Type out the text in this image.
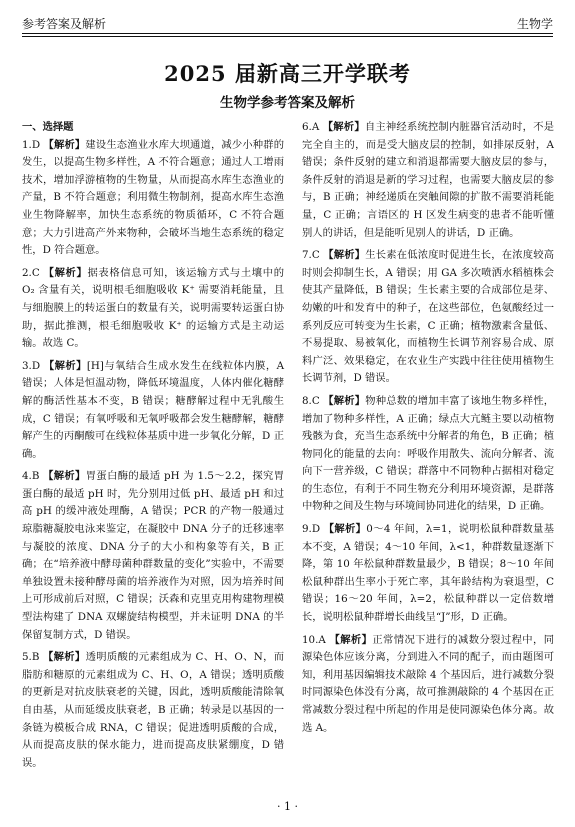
参考答案及解析	生物学
2025 届新高三开学联考
生物学参考答案及解析
一、选择题
1.D 【解析】建设生态渔业水库大坝通道，减少小种群的发生，以提高生物多样性，A 不符合题意；通过人工增雨技术，增加浮游植物的生物量，从而提高水库生态渔业的产量，B 不符合题意；利用微生物制剂，提高水库生态渔业生物降解率，加快生态系统的物质循环，C 不符合题意；大力引进高产外来物种，会破坏当地生态系统的稳定性，D 符合题意。
2.C 【解析】据表格信息可知，该运输方式与土壤中的 O₂ 含量有关，说明根毛细胞吸收 K⁺ 需要消耗能量，且与细胞膜上的转运蛋白的数量有关，说明需要转运蛋白协助，据此推测，根毛细胞吸收 K⁺ 的运输方式是主动运输。故选 C。
3.D 【解析】[H]与氧结合生成水发生在线粒体内膜，A 错误；人体是恒温动物，降低环境温度，人体内催化糖酵解的酶活性基本不变，B 错误；糖酵解过程中无乳酸生成，C 错误；有氧呼吸和无氧呼吸都会发生糖酵解，糖酵解产生的丙酮酸可在线粒体基质中进一步氧化分解，D 正确。
4.B 【解析】胃蛋白酶的最适 pH 为 1.5～2.2，探究胃蛋白酶的最适 pH 时，先分别用过低 pH、最适 pH 和过高 pH 的缓冲液处理酶，A 错误；PCR 的产物一般通过琼脂糖凝胶电泳来鉴定，在凝胶中 DNA 分子的迁移速率与凝胶的浓度、DNA 分子的大小和构象等有关，B 正确；在“培养液中酵母菌种群数量的变化”实验中，不需要单独设置未接种酵母菌的培养液作为对照，因为培养时间上可形成前后对照，C 错误；沃森和克里克用构建物理模型法构建了 DNA 双螺旋结构模型，并未证明 DNA 的半保留复制方式，D 错误。
5.B 【解析】透明质酸的元素组成为 C、H、O、N，而脂肪和糖原的元素组成为 C、H、O，A 错误；透明质酸的更新是对抗皮肤衰老的关键，因此，透明质酸能清除氧自由基，从而延缓皮肤衰老，B 正确；转录是以基因的一条链为模板合成 RNA，C 错误；促进透明质酸的合成，从而提高皮肤的保水能力，进而提高皮肤紧绷度，D 错误。
6.A 【解析】自主神经系统控制内脏器官活动时，不是完全自主的，而是受大脑皮层的控制，如排尿反射，A 错误；条件反射的建立和消退都需要大脑皮层的参与，条件反射的消退是新的学习过程，也需要大脑皮层的参与，B 正确；神经递质在突触间隙的扩散不需要消耗能量，C 正确；言语区的 H 区发生病变的患者不能听懂别人的讲话，但是能听见别人的讲话，D 正确。
7.C 【解析】生长素在低浓度时促进生长，在浓度较高时则会抑制生长，A 错误；用 GA 多次喷洒水稻植株会使其产量降低，B 错误；生长素主要的合成部位是芽、幼嫩的叶和发育中的种子，在这些部位，色氨酸经过一系列反应可转变为生长素，C 正确；植物激素含量低、不易提取、易被氧化，而植物生长调节剂容易合成、原料广泛、效果稳定，在农业生产实践中往往使用植物生长调节剂，D 错误。
8.C 【解析】物种总数的增加丰富了该地生物多样性，增加了物种多样性，A 正确；绿点大亢鲢主要以动植物残骸为食，充当生态系统中分解者的角色，B 正确；植物同化的能量的去向：呼吸作用散失、流向分解者、流向下一营养级，C 错误；群落中不同物种占据相对稳定的生态位，有利于不同生物充分利用环境资源，是群落中物种之间及生物与环境间协同进化的结果，D 正确。
9.D 【解析】0～4 年间，λ=1，说明松鼠种群数量基本不变，A 错误；4～10 年间，λ<1，种群数量逐渐下降，第 10 年松鼠种群数量最少，B 错误；8～10 年间松鼠种群出生率小于死亡率，其年龄结构为衰退型，C 错误；16～20 年间，λ=2，松鼠种群以一定倍数增长，说明松鼠种群增长曲线呈“J”形，D 正确。
10.A 【解析】正常情况下进行的减数分裂过程中，同源染色体应该分离，分到进入不同的配子，而由题图可知，利用基因编辑技术敲除 4 个基因后，进行减数分裂时同源染色体没有分离，故可推测敲除的 4 个基因在正常减数分裂过程中所起的作用是使同源染色体分离。故选 A。
· 1 ·
